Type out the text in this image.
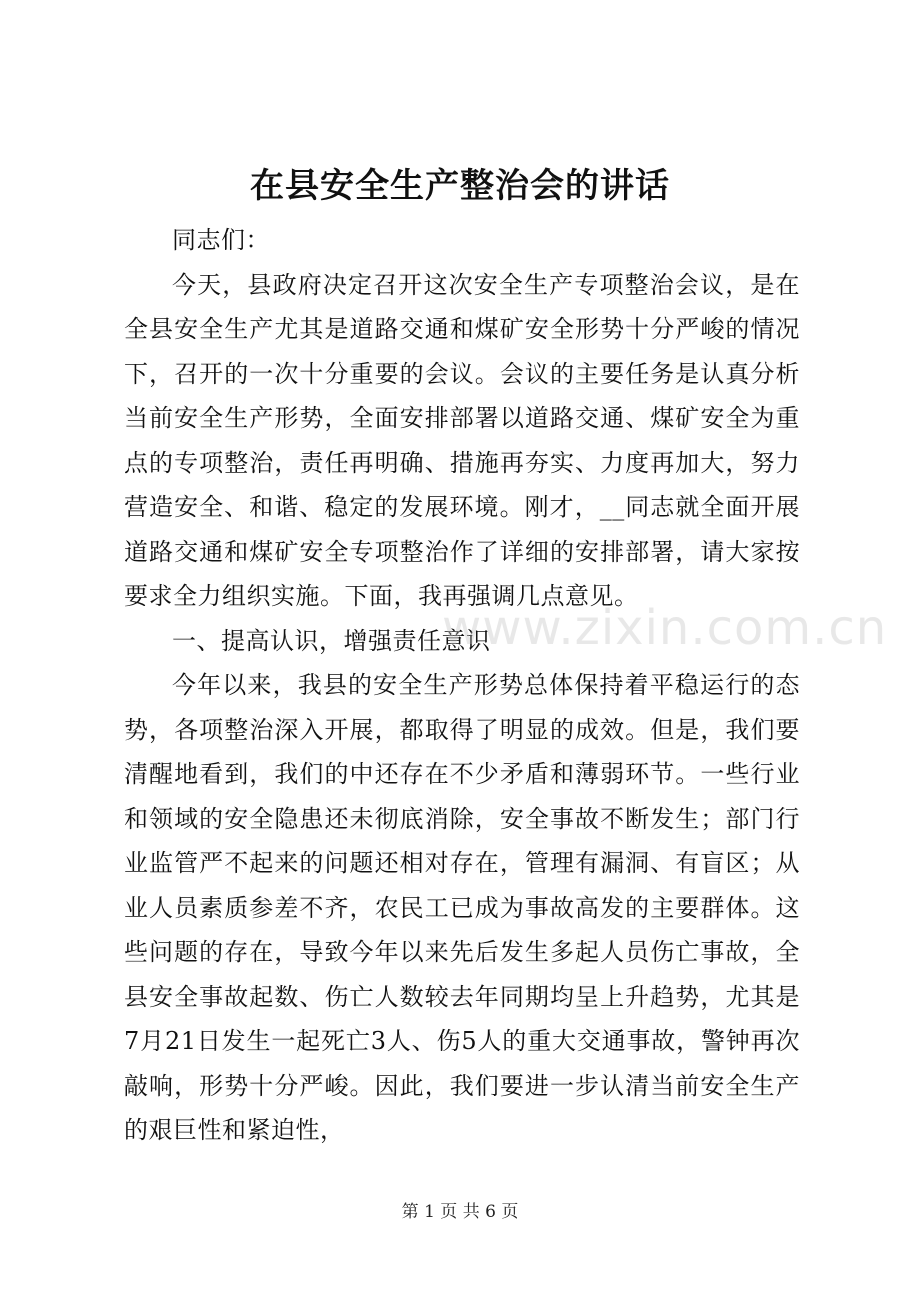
在县安全生产整治会的讲话

同志们：

今天，县政府决定召开这次安全生产专项整治会议，是在全县安全生产尤其是道路交通和煤矿安全形势十分严峻的情况下，召开的一次十分重要的会议。会议的主要任务是认真分析当前安全生产形势，全面安排部署以道路交通、煤矿安全为重点的专项整治，责任再明确、措施再夯实、力度再加大，努力营造安全、和谐、稳定的发展环境。刚才，__同志就全面开展道路交通和煤矿安全专项整治作了详细的安排部署，请大家按要求全力组织实施。下面，我再强调几点意见。

一、提高认识，增强责任意识

今年以来，我县的安全生产形势总体保持着平稳运行的态势，各项整治深入开展，都取得了明显的成效。但是，我们要清醒地看到，我们的中还存在不少矛盾和薄弱环节。一些行业和领域的安全隐患还未彻底消除，安全事故不断发生；部门行业监管严不起来的问题还相对存在，管理有漏洞、有盲区；从业人员素质参差不齐，农民工已成为事故高发的主要群体。这些问题的存在，导致今年以来先后发生多起人员伤亡事故，全县安全事故起数、伤亡人数较去年同期均呈上升趋势，尤其是7月21日发生一起死亡3人、伤5人的重大交通事故，警钟再次敲响，形势十分严峻。因此，我们要进一步认清当前安全生产的艰巨性和紧迫性，

www.zixin.com.cn
第 1 页 共 6 页
